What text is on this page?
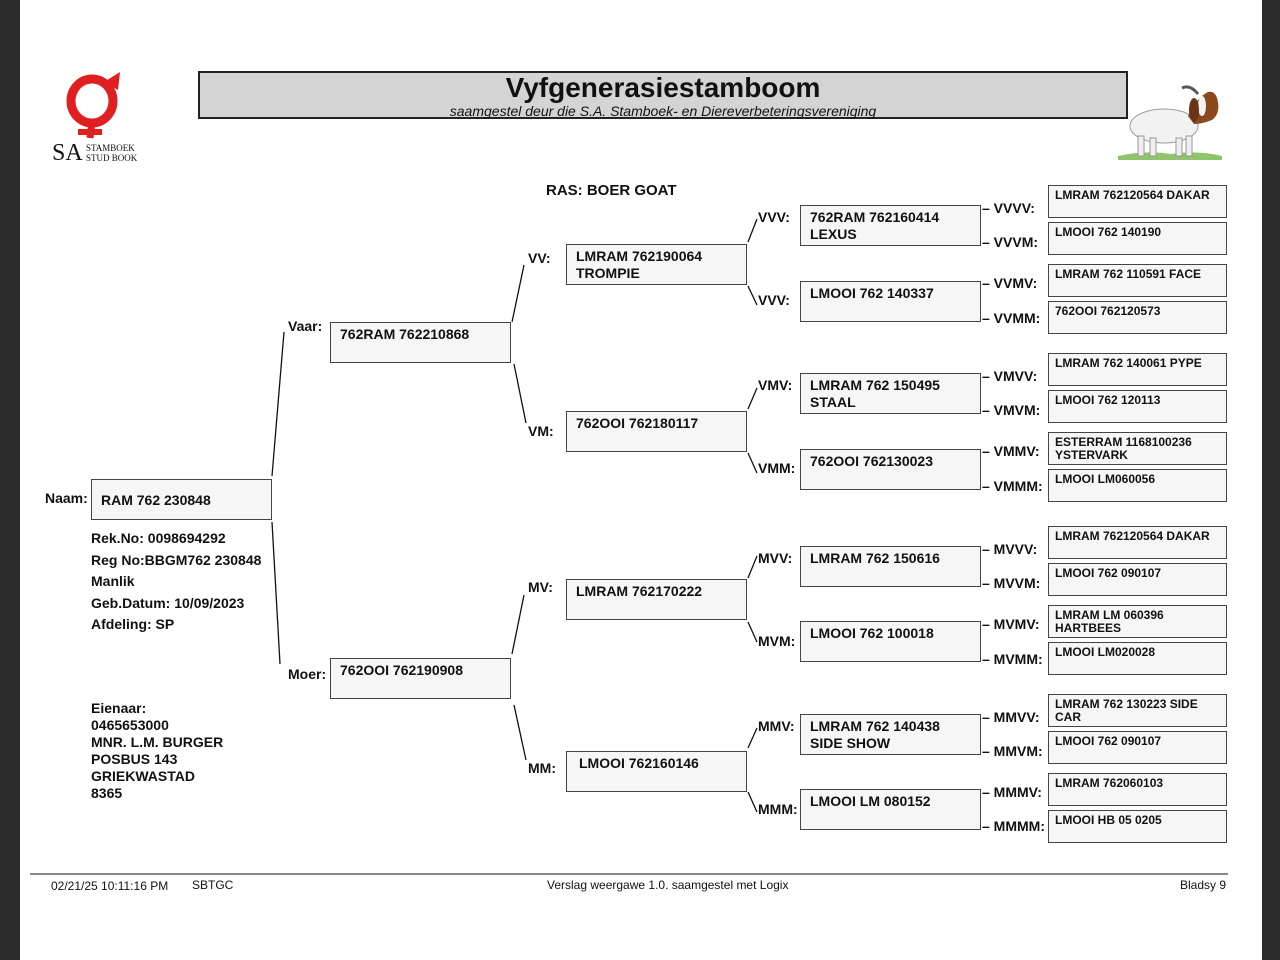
SA STAMBOEK
STUD BOOK
Vyfgenerasiestamboom
saamgestel deur die S.A. Stamboek- en Diereverbeteringsvereniging
RAS: BOER GOAT
Naam: RAM 762 230848
Rek.No: 0098694292
Reg No:BBGM762 230848
Manlik
Geb.Datum: 10/09/2023
Afdeling: SP
Eienaar:
0465653000
MNR. L.M. BURGER
POSBUS 143
GRIEKWASTAD
8365
Vaar:	762RAM 762210868
Moer: 762OOI 762190908
VV:	LMRAM 762190064
TROMPIE
VM:	762OOI 762180117
MV:	LMRAM 762170222
MM:	LMOOI 762160146
VVV:	762RAM 762160414
LEXUS
VVV:	LMOOI 762 140337
VMV:	LMRAM 762 150495
STAAL
VMM:	762OOI 762130023
MVV:	LMRAM 762 150616
MVM:	LMOOI 762 100018
MMV:	LMRAM 762 140438
SIDE SHOW
MMM: LMOOI LM 080152
– VVVV:
LMRAM 762120564 DAKAR
– VVVM:
LMOOI 762 140190
– VVMV:
LMRAM 762 110591 FACE
– VVMM:	762OOI 762120573
– VMVV:
LMRAM 762 140061 PYPE
– VMVM:
LMOOI 762 120113
– VMMV:
ESTERRAM 1168100236
YSTERVARK
– VMMM:	LMOOI LM060056
– MVVV:
LMRAM 762120564 DAKAR
– MVVM:
LMOOI 762 090107
– MVMV:
LMRAM LM 060396
HARTBEES
– MVMM:	LMOOI LM020028
– MMVV:
LMRAM 762 130223 SIDE CAR
– MMVM:
LMOOI 762 090107
– MMMV:
LMRAM 762060103
– MMMM: LMOOI HB 05 0205
02/21/25 10:11:16 PM SBTGC	Verslag weergawe 1.0. saamgestel met Logix	Bladsy 9
